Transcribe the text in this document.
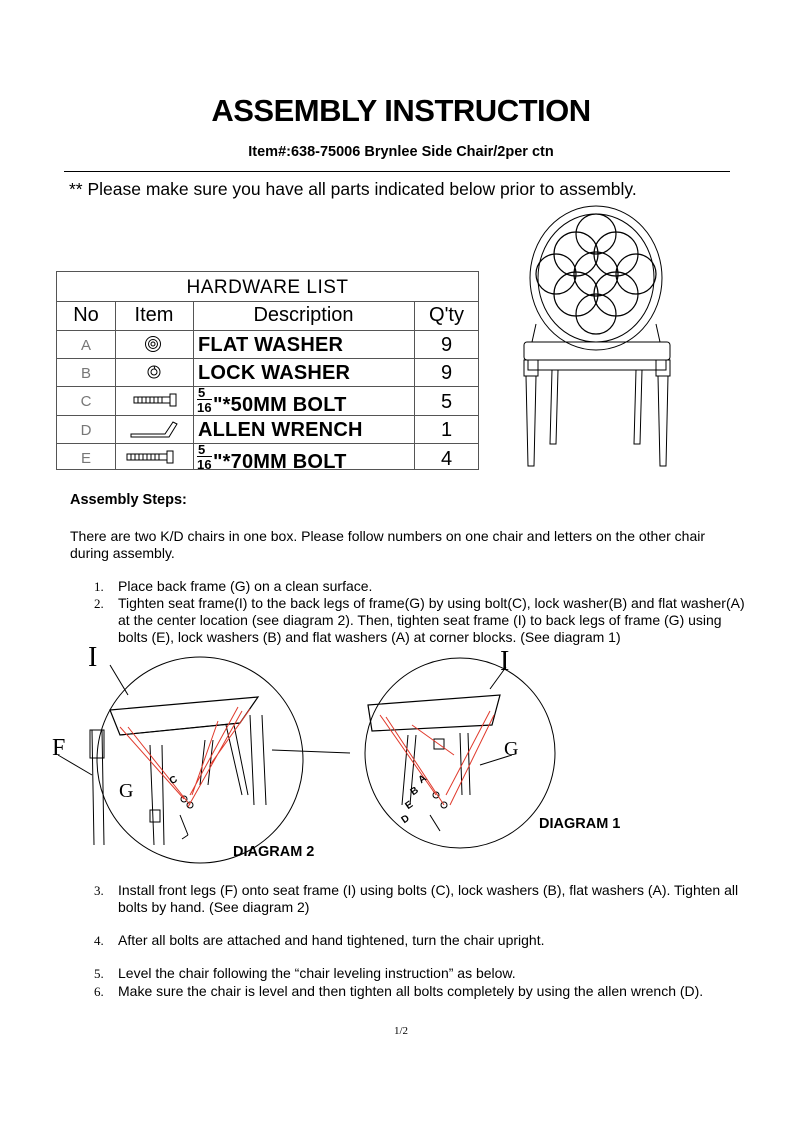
ASSEMBLY INSTRUCTION
Item#:638-75006 Brynlee Side Chair/2per ctn
** Please make sure you have all parts indicated below prior to assembly.
HARDWARE LIST
No	Item	Description	Q'ty
A	FLAT WASHER	9
B	LOCK WASHER	9
C	$\frac{5}{16}$ "*50MM BOLT	5
D	ALLEN WRENCH	1
E	$\frac{5}{16}$ "*70MM BOLT	4
Assembly Steps:
There are two K/D chairs in one box. Please follow numbers on one chair and letters on the other chair during assembly.
1. Place back frame (G) on a clean surface.
2. Tighten seat frame(I) to the back legs of frame(G) by using bolt(C), lock washer(B) and flat washer(A) at the center location (see diagram 2). Then, tighten seat frame (I) to back legs of frame (G) using bolts (E), lock washers (B) and flat washers (A) at corner blocks. (See diagram 1)
I	I
F
G
G
A
B
E
D
C
DIAGRAM 1
DIAGRAM 2
3. Install front legs (F) onto seat frame (I) using bolts (C), lock washers (B), flat washers (A). Tighten all bolts by hand. (See diagram 2)
4. After all bolts are attached and hand tightened, turn the chair upright.
5. Level the chair following the “chair leveling instruction” as below.
6. Make sure the chair is level and then tighten all bolts completely by using the allen wrench (D).
1/2
